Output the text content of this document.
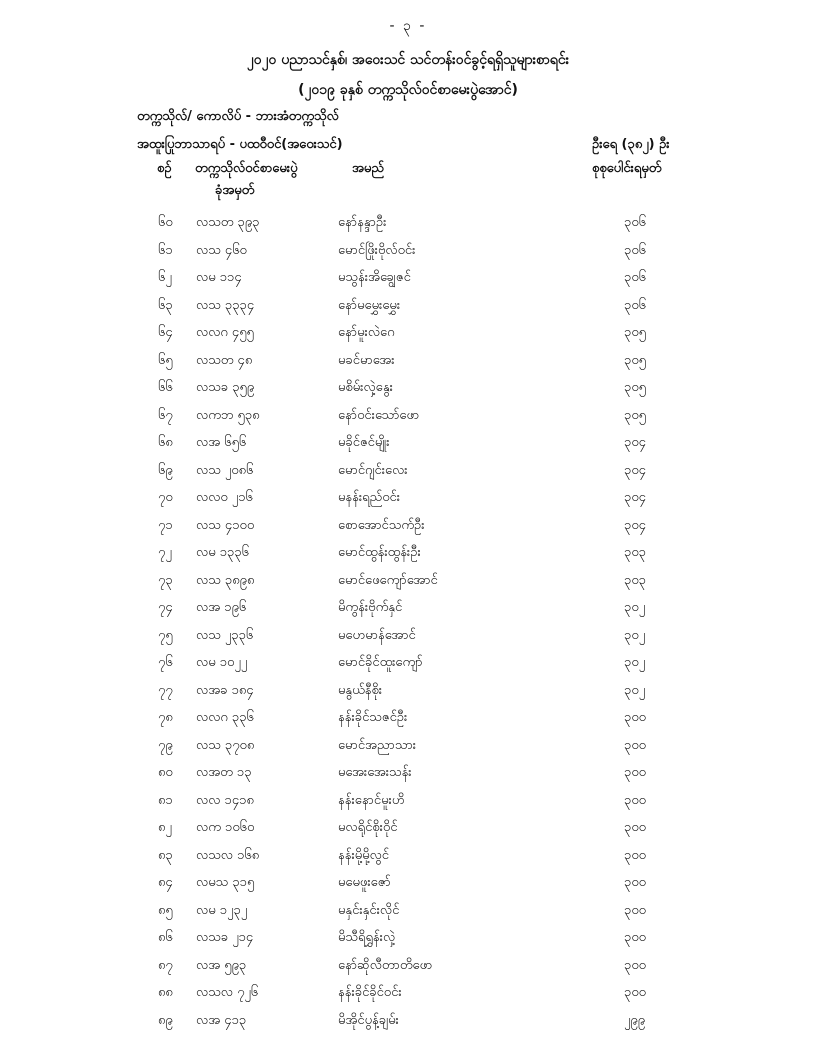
- ၃ -
၂၀၂၀ ပညာသင်နှစ်၊ အဝေးသင် သင်တန်းဝင်ခွင့်ရရှိသူများစာရင်း
(၂၀၁၉ ခုနှစ် တက္ကသိုလ်ဝင်စာမေးပွဲအောင်)
တက္ကသိုလ်/ ကောလိပ် - ဘားအံတက္ကသိုလ်
အထူးပြုဘာသာရပ် - ပထဝီဝင်(အဝေးသင်)	ဦးရေ (၃၈၂) ဦး
စဉ် တက္ကသိုလ်ဝင်စာမေးပွဲ
ခုံအမှတ်
အမည်	စုစုပေါင်းရမှတ်
၆၀ လသတ ၃၉၃	နော်နန္ဒာဦး	၃၀၆
၆၁ လသ ၄၆၀	မောင်ဖြိုးဗိုလ်ဝင်း	၃၀၆
၆၂ လမ ၁၁၄	မသွန်းအိချွေဇင်	၃၀၆
၆၃ လသ ၃၃၃၄	နော်မမွှေးမွှေး	၃၀၆
၆၄ လလဂ ၄၅၅	နော်မူးလဲဂေ	၃၀၅
၆၅ လသတ ၄၈	မခင်မာအေး	၃၀၅
၆၆ လသခ ၃၅၉	မစိမ်းလှဲ့နွေး	၃၀၅
၆၇ လကဘ ၅၃၈	နော်ဝင်းသော်ဖော	၃၀၅
၆၈ လအ ၆၅၆	မခိုင်ဇင်မျိုး	၃၀၄
၆၉ လသ ၂၀၈၆	မောင်ဂျင်းလေး	၃၀၄
၇၀ လလဝ ၂၁၆	မနန်းရည်ဝင်း	၃၀၄
၇၁ လသ ၄၁၀၀	စောအောင်သက်ဦး	၃၀၄
၇၂ လမ ၁၃၃၆	မောင်ထွန်းထွန်းဦး	၃၀၃
၇၃ လသ ၃၈၉၈	မောင်ဖေကျော်အောင်	၃၀၃
၇၄ လအ ၁၉၆	မိကွန်းဗိုက်နှင်	၃၀၂
၇၅ လသ ၂၃၃၆	မဟေမာန်အောင်	၃၀၂
၇၆ လမ ၁၀၂၂	မောင်ခိုင်ထူးကျော်	၃၀၂
၇၇ လအခ ၁၈၄	မနွယ်နီစိုး	၃၀၂
၇၈ လလဂ ၃၃၆	နန်းခိုင်သဇင်ဦး	၃၀၀
၇၉ လသ ၃၇၀၈	မောင်အညာသား	၃၀၀
၈၀ လအတ ၁၃	မအေးအေးသန်း	၃၀၀
၈၁ လလ ၁၄၁၈	နန်းနောင်မူးဟိ	၃၀၀
၈၂ လက ၁၀၆၀	မလရိုင်စိုးဝိုင်	၃၀၀
၈၃ လသလ ၁၆၈	နန်းမို့မို့လွင်	၃၀၀
၈၄ လမသ ၃၁၅	မမေဖူးဇော်	၃၀၀
၈၅ လမ ၁၂၃၂	မနှင်းနှင်းလိုင်	၃၀၀
၈၆ လသခ ၂၁၄	မိသီရိရွှန်းလှဲ့	၃၀၀
၈၇ လအ ၅၉၃	နော်ဆိုလီတာတိဖော	၃၀၀
၈၈ လသလ ၇၂၆	နန်းခိုင်ခိုင်ဝင်း	၃၀၀
၈၉ လအ ၄၁၃	မိအိုင်ပွန့်ချမ်း	၂၉၉
